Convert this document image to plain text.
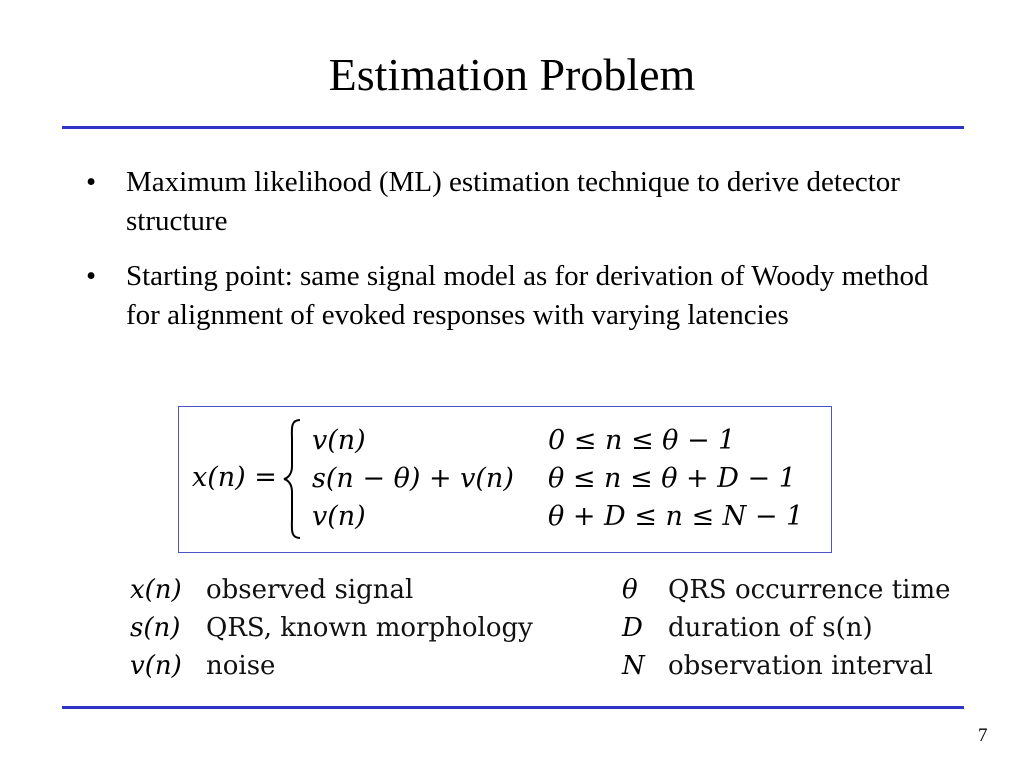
Estimation Problem
• Maximum likelihood (ML) estimation technique to derive detector structure
• Starting point: same signal model as for derivation of Woody method for alignment of evoked responses with varying latencies
x(n) =
v(n)	0 ≤ n ≤ θ − 1
s(n − θ) + v(n) θ ≤ n ≤ θ + D − 1
v(n)	θ + D ≤ n ≤ N − 1
x(n) observed signal
s(n) QRS, known morphology
v(n) noise
θ QRS occurrence time
D duration of s(n)
N observation interval
7
